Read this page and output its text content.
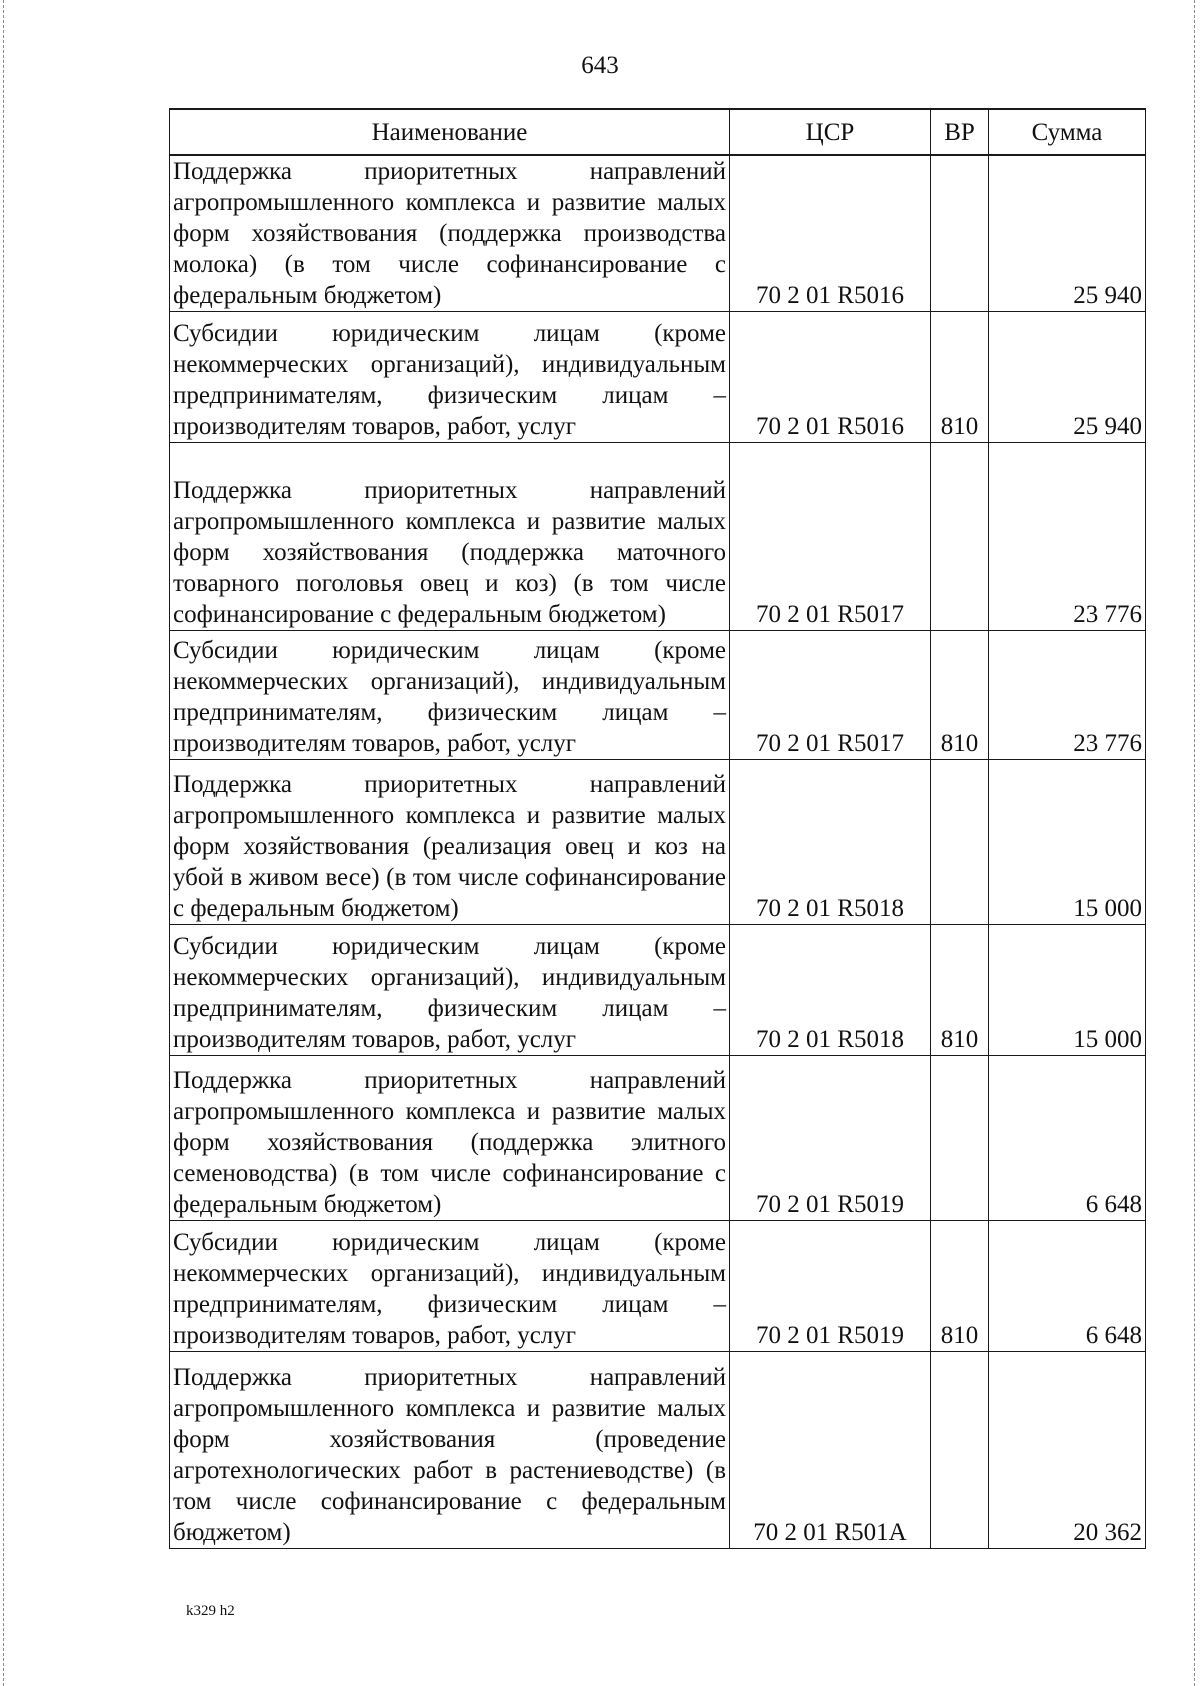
643
Наименование	ЦСР	ВР	Сумма
Поддержка приоритетных направлений агропромышленного комплекса и развитие малых форм хозяйствования (поддержка производства молока) (в том числе софинансирование с федеральным бюджетом)	70 2 01 R5016		25 940
Субсидии юридическим лицам (кроме некоммерческих организаций), индивидуальным предпринимателям, физическим лицам – производителям товаров, работ, услуг	70 2 01 R5016	810	25 940
Поддержка приоритетных направлений агропромышленного комплекса и развитие малых форм хозяйствования (поддержка маточного товарного поголовья овец и коз) (в том числе софинансирование с федеральным бюджетом)	70 2 01 R5017		23 776
Субсидии юридическим лицам (кроме некоммерческих организаций), индивидуальным предпринимателям, физическим лицам – производителям товаров, работ, услуг	70 2 01 R5017	810	23 776
Поддержка приоритетных направлений агропромышленного комплекса и развитие малых форм хозяйствования (реализация овец и коз на убой в живом весе) (в том числе софинансирование с федеральным бюджетом)	70 2 01 R5018		15 000
Субсидии юридическим лицам (кроме некоммерческих организаций), индивидуальным предпринимателям, физическим лицам – производителям товаров, работ, услуг	70 2 01 R5018	810	15 000
Поддержка приоритетных направлений агропромышленного комплекса и развитие малых форм хозяйствования (поддержка элитного семеноводства) (в том числе софинансирование с федеральным бюджетом)	70 2 01 R5019		6 648
Субсидии юридическим лицам (кроме некоммерческих организаций), индивидуальным предпринимателям, физическим лицам – производителям товаров, работ, услуг	70 2 01 R5019	810	6 648
Поддержка приоритетных направлений агропромышленного комплекса и развитие малых форм хозяйствования (проведение агротехнологических работ в растениеводстве) (в том числе софинансирование с федеральным бюджетом)	70 2 01 R501A		20 362
k329 h2
